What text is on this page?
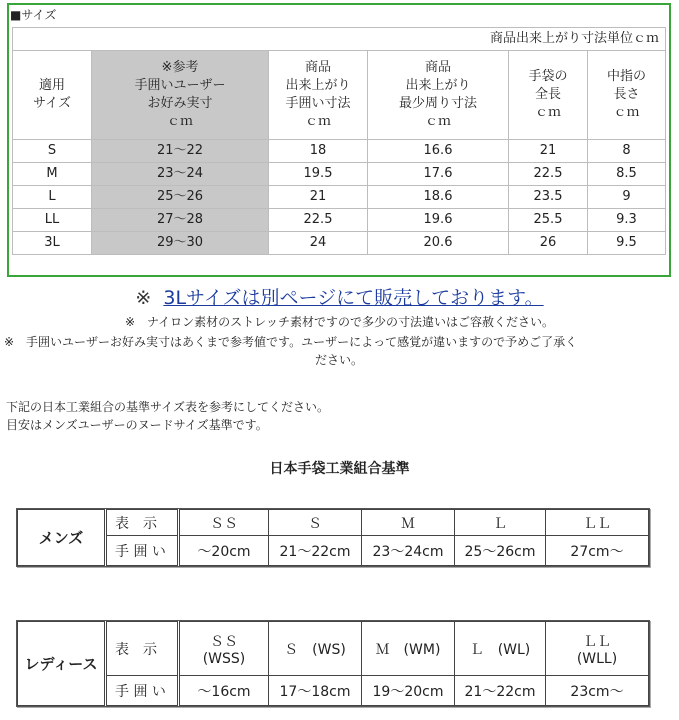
■サイズ
商品出来上がり寸法単位ｃｍ					
適用
サイズ	※参考
手囲いユーザー
お好み実寸
ｃｍ	商品
出来上がり
手囲い寸法
ｃｍ	商品
出来上がり
最少周り寸法
ｃｍ	手袋の
全長
ｃｍ	中指の
長さ
ｃｍ
S	21～22	18	16.6	21	8
M	23～24	19.5	17.6	22.5	8.5
L	25～26	21	18.6	23.5	9
LL	27～28	22.5	19.6	25.5	9.3
3L	29～30	24	20.6	26	9.5
※ 3Lサイズは別ページにて販売しております。
※　ナイロン素材のストレッチ素材ですので多少の寸法違いはご容赦ください。
※　手囲いユーザーお好み実寸はあくまで参考値です。ユーザーによって感覚が違いますので予めご了承く
ださい。
下記の日本工業組合の基準サイズ表を参考にしてください。
目安はメンズユーザーのヌードサイズ基準です。
日本手袋工業組合基準
メンズ	表　示	ＳＳ	Ｓ	Ｍ	Ｌ	ＬＬ
	手 囲 い	～20cm	21～22cm	23～24cm	25～26cm	27cm～
レディース	表　示	ＳＳ
(WSS)	Ｓ　(WS)	Ｍ　(WM)	Ｌ　(WL)	ＬＬ
(WLL)
	手 囲 い	～16cm	17～18cm	19～20cm	21～22cm	23cm～
